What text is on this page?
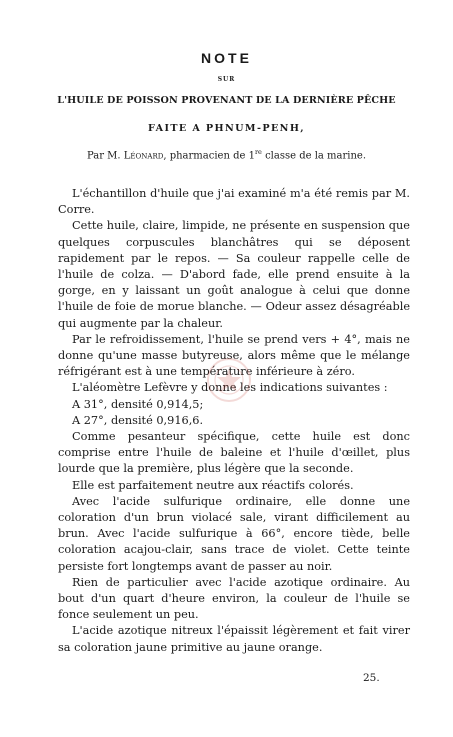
NOTE
SUR
L'HUILE DE POISSON PROVENANT DE LA DERNIÈRE PÊCHE
FAITE A PHNUM-PENH,
Par M. Léonard, pharmacien de 1re classe de la marine.

L'échantillon d'huile que j'ai examiné m'a été remis par M. Corre.

Cette huile, claire, limpide, ne présente en suspension que quelques corpuscules blanchâtres qui se déposent rapidement par le repos. — Sa couleur rappelle celle de l'huile de colza. — D'abord fade, elle prend ensuite à la gorge, en y laissant un goût analogue à celui que donne l'huile de foie de morue blanche. — Odeur assez désagréable qui augmente par la chaleur.

Par le refroidissement, l'huile se prend vers + 4°, mais ne donne qu'une masse butyreuse, alors même que le mélange réfrigérant est à une température inférieure à zéro.

L'aléomètre Lefèvre y donne les indications suivantes :

A 31°, densité 0,914,5;

A 27°, densité 0,916,6.

Comme pesanteur spécifique, cette huile est donc comprise entre l'huile de baleine et l'huile d'œillet, plus lourde que la première, plus légère que la seconde.

Elle est parfaitement neutre aux réactifs colorés.

Avec l'acide sulfurique ordinaire, elle donne une coloration d'un brun violacé sale, virant difficilement au brun. Avec l'acide sulfurique à 66°, encore tiède, belle coloration acajou-clair, sans trace de violet. Cette teinte persiste fort longtemps avant de passer au noir.

Rien de particulier avec l'acide azotique ordinaire. Au bout d'un quart d'heure environ, la couleur de l'huile se fonce seulement un peu.

L'acide azotique nitreux l'épaissit légèrement et fait virer sa coloration jaune primitive au jaune orange.

25.
